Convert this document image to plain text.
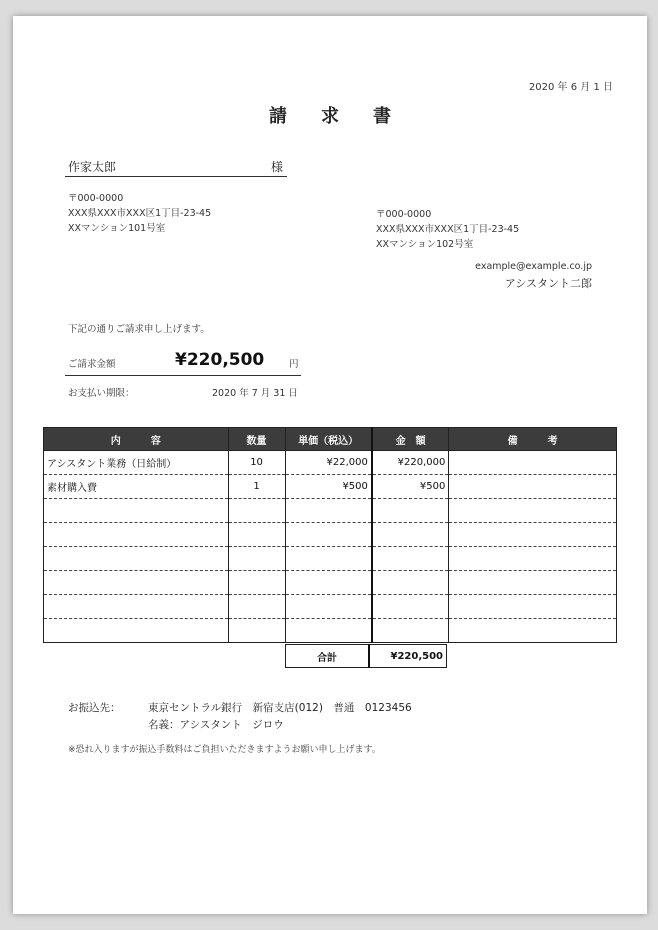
2020 年 6 月 1 日
請求書
作家太郎	様
〒000-0000
XXX県XXX市XXX区1丁目-23-45
XXマンション101号室
〒000-0000
XXX県XXX市XXX区1丁目-23-45
XXマンション102号室
example@example.co.jp
アシスタント二郎
下記の通りご請求申し上げます。
ご請求金額	¥220,500	円
お支払い期限：	2020 年 7 月 31 日
内　　　容	数量	単価（税込）	金　額	備　　　考
アシスタント業務（日給制）	10	¥22,000	¥220,000	
素材購入費	1	¥500	¥500	

合計	¥220,500
お振込先：	東京セントラル銀行　新宿支店(012)　普通　0123456
名義：アシスタント　ジロウ
※恐れ入りますが振込手数料はご負担いただきますようお願い申し上げます。
